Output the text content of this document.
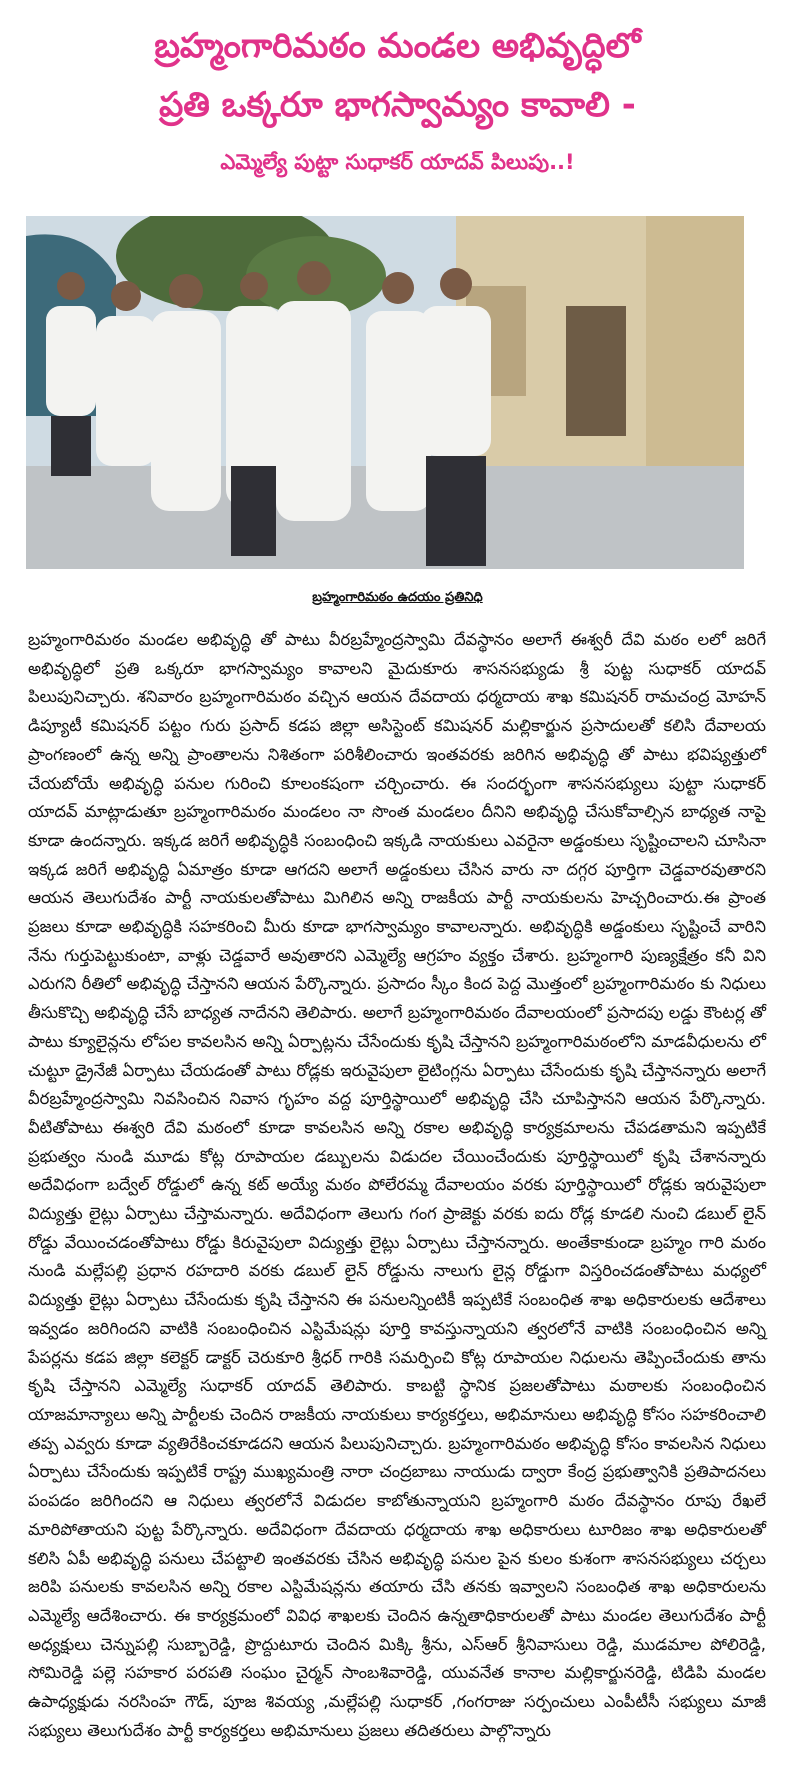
బ్రహ్మంగారిమఠం మండల అభివృద్ధిలో
ప్రతి ఒక్కరూ భాగస్వామ్యం కావాలి -
ఎమ్మెల్యే పుట్టా సుధాకర్ యాదవ్ పిలుపు..!
బ్రహ్మంగారిమఠం ఉదయం ప్రతినిధి
బ్రహ్మంగారిమఠం మండల అభివృద్ధి తో పాటు వీరబ్రహ్మేంద్రస్వామి దేవస్థానం అలాగే ఈశ్వరీ దేవి మఠం లలో జరిగే అభివృద్ధిలో ప్రతి ఒక్కరూ భాగస్వామ్యం కావాలని మైదుకూరు శాసనసభ్యుడు శ్రీ పుట్ట సుధాకర్ యాదవ్ పిలుపునిచ్చారు. శనివారం బ్రహ్మంగారిమఠం వచ్చిన ఆయన దేవదాయ ధర్మదాయ శాఖ కమిషనర్ రామచంద్ర మోహన్ డిప్యూటీ కమిషనర్ పట్టం గురు ప్రసాద్ కడప జిల్లా అసిస్టెంట్ కమిషనర్ మల్లికార్జున ప్రసాదులతో కలిసి దేవాలయ ప్రాంగణంలో ఉన్న అన్ని ప్రాంతాలను నిశితంగా పరిశీలించారు ఇంతవరకు జరిగిన అభివృద్ధి తో పాటు భవిష్యత్తులో చేయబోయే అభివృద్ధి పనుల గురించి కూలంకషంగా చర్చించారు. ఈ సందర్భంగా శాసనసభ్యులు పుట్టా సుధాకర్ యాదవ్ మాట్లాడుతూ బ్రహ్మంగారిమఠం మండలం నా సొంత మండలం దీనిని అభివృద్ధి చేసుకోవాల్సిన బాధ్యత నాపై కూడా ఉందన్నారు. ఇక్కడ జరిగే అభివృద్ధికి సంబంధించి ఇక్కడి నాయకులు ఎవరైనా అడ్డంకులు సృష్టించాలని చూసినా ఇక్కడ జరిగే అభివృద్ధి ఏమాత్రం కూడా ఆగదని అలాగే అడ్డంకులు చేసిన వారు నా దగ్గర పూర్తిగా చెడ్డవారవుతారని ఆయన తెలుగుదేశం పార్టీ నాయకులతోపాటు మిగిలిన అన్ని రాజకీయ పార్టీ నాయకులను హెచ్చరించారు.ఈ ప్రాంత ప్రజలు కూడా అభివృద్ధికి సహకరించి మీరు కూడా భాగస్వామ్యం కావాలన్నారు. అభివృద్ధికి అడ్డంకులు సృష్టించే వారిని నేను గుర్తుపెట్టుకుంటా, వాళ్లు చెడ్డవారే అవుతారని ఎమ్మెల్యే ఆగ్రహం వ్యక్తం చేశారు. బ్రహ్మంగారి పుణ్యక్షేత్రం కనీ విని ఎరుగని రీతిలో అభివృద్ధి చేస్తానని ఆయన పేర్కొన్నారు. ప్రసాదం స్కీం కింద పెద్ద మొత్తంలో బ్రహ్మంగారిమఠం కు నిధులు తీసుకొచ్చి అభివృద్ధి చేసే బాధ్యత నాదేనని తెలిపారు. అలాగే బ్రహ్మంగారిమఠం దేవాలయంలో ప్రసాదపు లడ్డు కౌంటర్ల తో పాటు క్యూలైన్లను లోపల కావలసిన అన్ని ఏర్పాట్లను చేసేందుకు కృషి చేస్తానని బ్రహ్మంగారిమఠంలోని మాడవీధులను లో చుట్టూ డ్రైనేజీ ఏర్పాటు చేయడంతో పాటు రోడ్లకు ఇరువైపులా లైటింగ్లను ఏర్పాటు చేసేందుకు కృషి చేస్తానన్నారు అలాగే వీరబ్రహ్మేంద్రస్వామి నివసించిన నివాస గృహం వద్ద పూర్తిస్థాయిలో అభివృద్ధి చేసి చూపిస్తానని ఆయన పేర్కొన్నారు. వీటితోపాటు ఈశ్వరి దేవి మఠంలో కూడా కావలసిన అన్ని రకాల అభివృద్ధి కార్యక్రమాలను చేపడతామని ఇప్పటికే ప్రభుత్వం నుండి మూడు కోట్ల రూపాయల డబ్బులను విడుదల చేయించేందుకు పూర్తిస్థాయిలో కృషి చేశానన్నారు అదేవిధంగా బద్వేల్ రోడ్డులో ఉన్న కట్ అయ్యే మఠం పోలేరమ్మ దేవాలయం వరకు పూర్తిస్థాయిలో రోడ్లకు ఇరువైపులా విద్యుత్తు లైట్లు ఏర్పాటు చేస్తామన్నారు. అదేవిధంగా తెలుగు గంగ ప్రాజెక్టు వరకు ఐదు రోడ్ల కూడలి నుంచి డబుల్ లైన్ రోడ్డు వేయించడంతోపాటు రోడ్డు కిరువైపులా విద్యుత్తు లైట్లు ఏర్పాటు చేస్తానన్నారు. అంతేకాకుండా బ్రహ్మం గారి మఠం నుండి మల్లేపల్లి ప్రధాన రహదారి వరకు డబుల్ లైన్ రోడ్డును నాలుగు లైన్ల రోడ్డుగా విస్తరించడంతోపాటు మధ్యలో విద్యుత్తు లైట్లు ఏర్పాటు చేసేందుకు కృషి చేస్తానని ఈ పనులన్నింటికీ ఇప్పటికే సంబంధిత శాఖ అధికారులకు ఆదేశాలు ఇవ్వడం జరిగిందని వాటికి సంబంధించిన ఎస్టిమేషన్లు పూర్తి కావస్తున్నాయని త్వరలోనే వాటికి సంబంధించిన అన్ని పేపర్లను కడప జిల్లా కలెక్టర్ డాక్టర్ చెరుకూరి శ్రీధర్ గారికి సమర్పించి కోట్ల రూపాయల నిధులను తెప్పించేందుకు తాను కృషి చేస్తానని ఎమ్మెల్యే సుధాకర్ యాదవ్ తెలిపారు. కాబట్టి స్థానిక ప్రజలతోపాటు మఠాలకు సంబంధించిన యాజమాన్యాలు అన్ని పార్టీలకు చెందిన రాజకీయ నాయకులు కార్యకర్తలు, అభిమానులు అభివృద్ధి కోసం సహకరించాలి తప్ప ఎవ్వరు కూడా వ్యతిరేకించకూడదని ఆయన పిలుపునిచ్చారు. బ్రహ్మంగారిమఠం అభివృద్ధి కోసం కావలసిన నిధులు ఏర్పాటు చేసేందుకు ఇప్పటికే రాష్ట్ర ముఖ్యమంత్రి నారా చంద్రబాబు నాయుడు ద్వారా కేంద్ర ప్రభుత్వానికి ప్రతిపాదనలు పంపడం జరిగిందని ఆ నిధులు త్వరలోనే విడుదల కాబోతున్నాయని బ్రహ్మంగారి మఠం దేవస్థానం రూపు రేఖలే మారిపోతాయని పుట్ట పేర్కొన్నారు. అదేవిధంగా దేవదాయ ధర్మదాయ శాఖ అధికారులు టూరిజం శాఖ అధికారులతో కలిసి ఏపీ అభివృద్ధి పనులు చేపట్టాలి ఇంతవరకు చేసిన అభివృద్ధి పనుల పైన కులం కుశంగా శాసనసభ్యులు చర్చలు జరిపి పనులకు కావలసిన అన్ని రకాల ఎస్టిమేషన్లను తయారు చేసి తనకు ఇవ్వాలని సంబంధిత శాఖ అధికారులను ఎమ్మెల్యే ఆదేశించారు. ఈ కార్యక్రమంలో వివిధ శాఖలకు చెందిన ఉన్నతాధికారులతో పాటు మండల తెలుగుదేశం పార్టీ అధ్యక్షులు చెన్నుపల్లి సుబ్బారెడ్డి, ప్రొద్దుటూరు చెందిన మిక్కి శ్రీను, ఎస్ఆర్ శ్రీనివాసులు రెడ్డి, ముడమాల పోలిరెడ్డి, సోమిరెడ్డి పల్లె సహకార పరపతి సంఘం చైర్మన్ సాంబశివారెడ్డి, యువనేత కానాల మల్లికార్జునరెడ్డి, టిడిపి మండల ఉపాధ్యక్షుడు నరసింహ గౌడ్, పూజ శివయ్య ,మల్లేపల్లి సుధాకర్ ,గంగరాజు సర్పంచులు ఎంపీటీసీ సభ్యులు మాజీ సభ్యులు తెలుగుదేశం పార్టీ కార్యకర్తలు అభిమానులు ప్రజలు తదితరులు పాల్గొన్నారు
